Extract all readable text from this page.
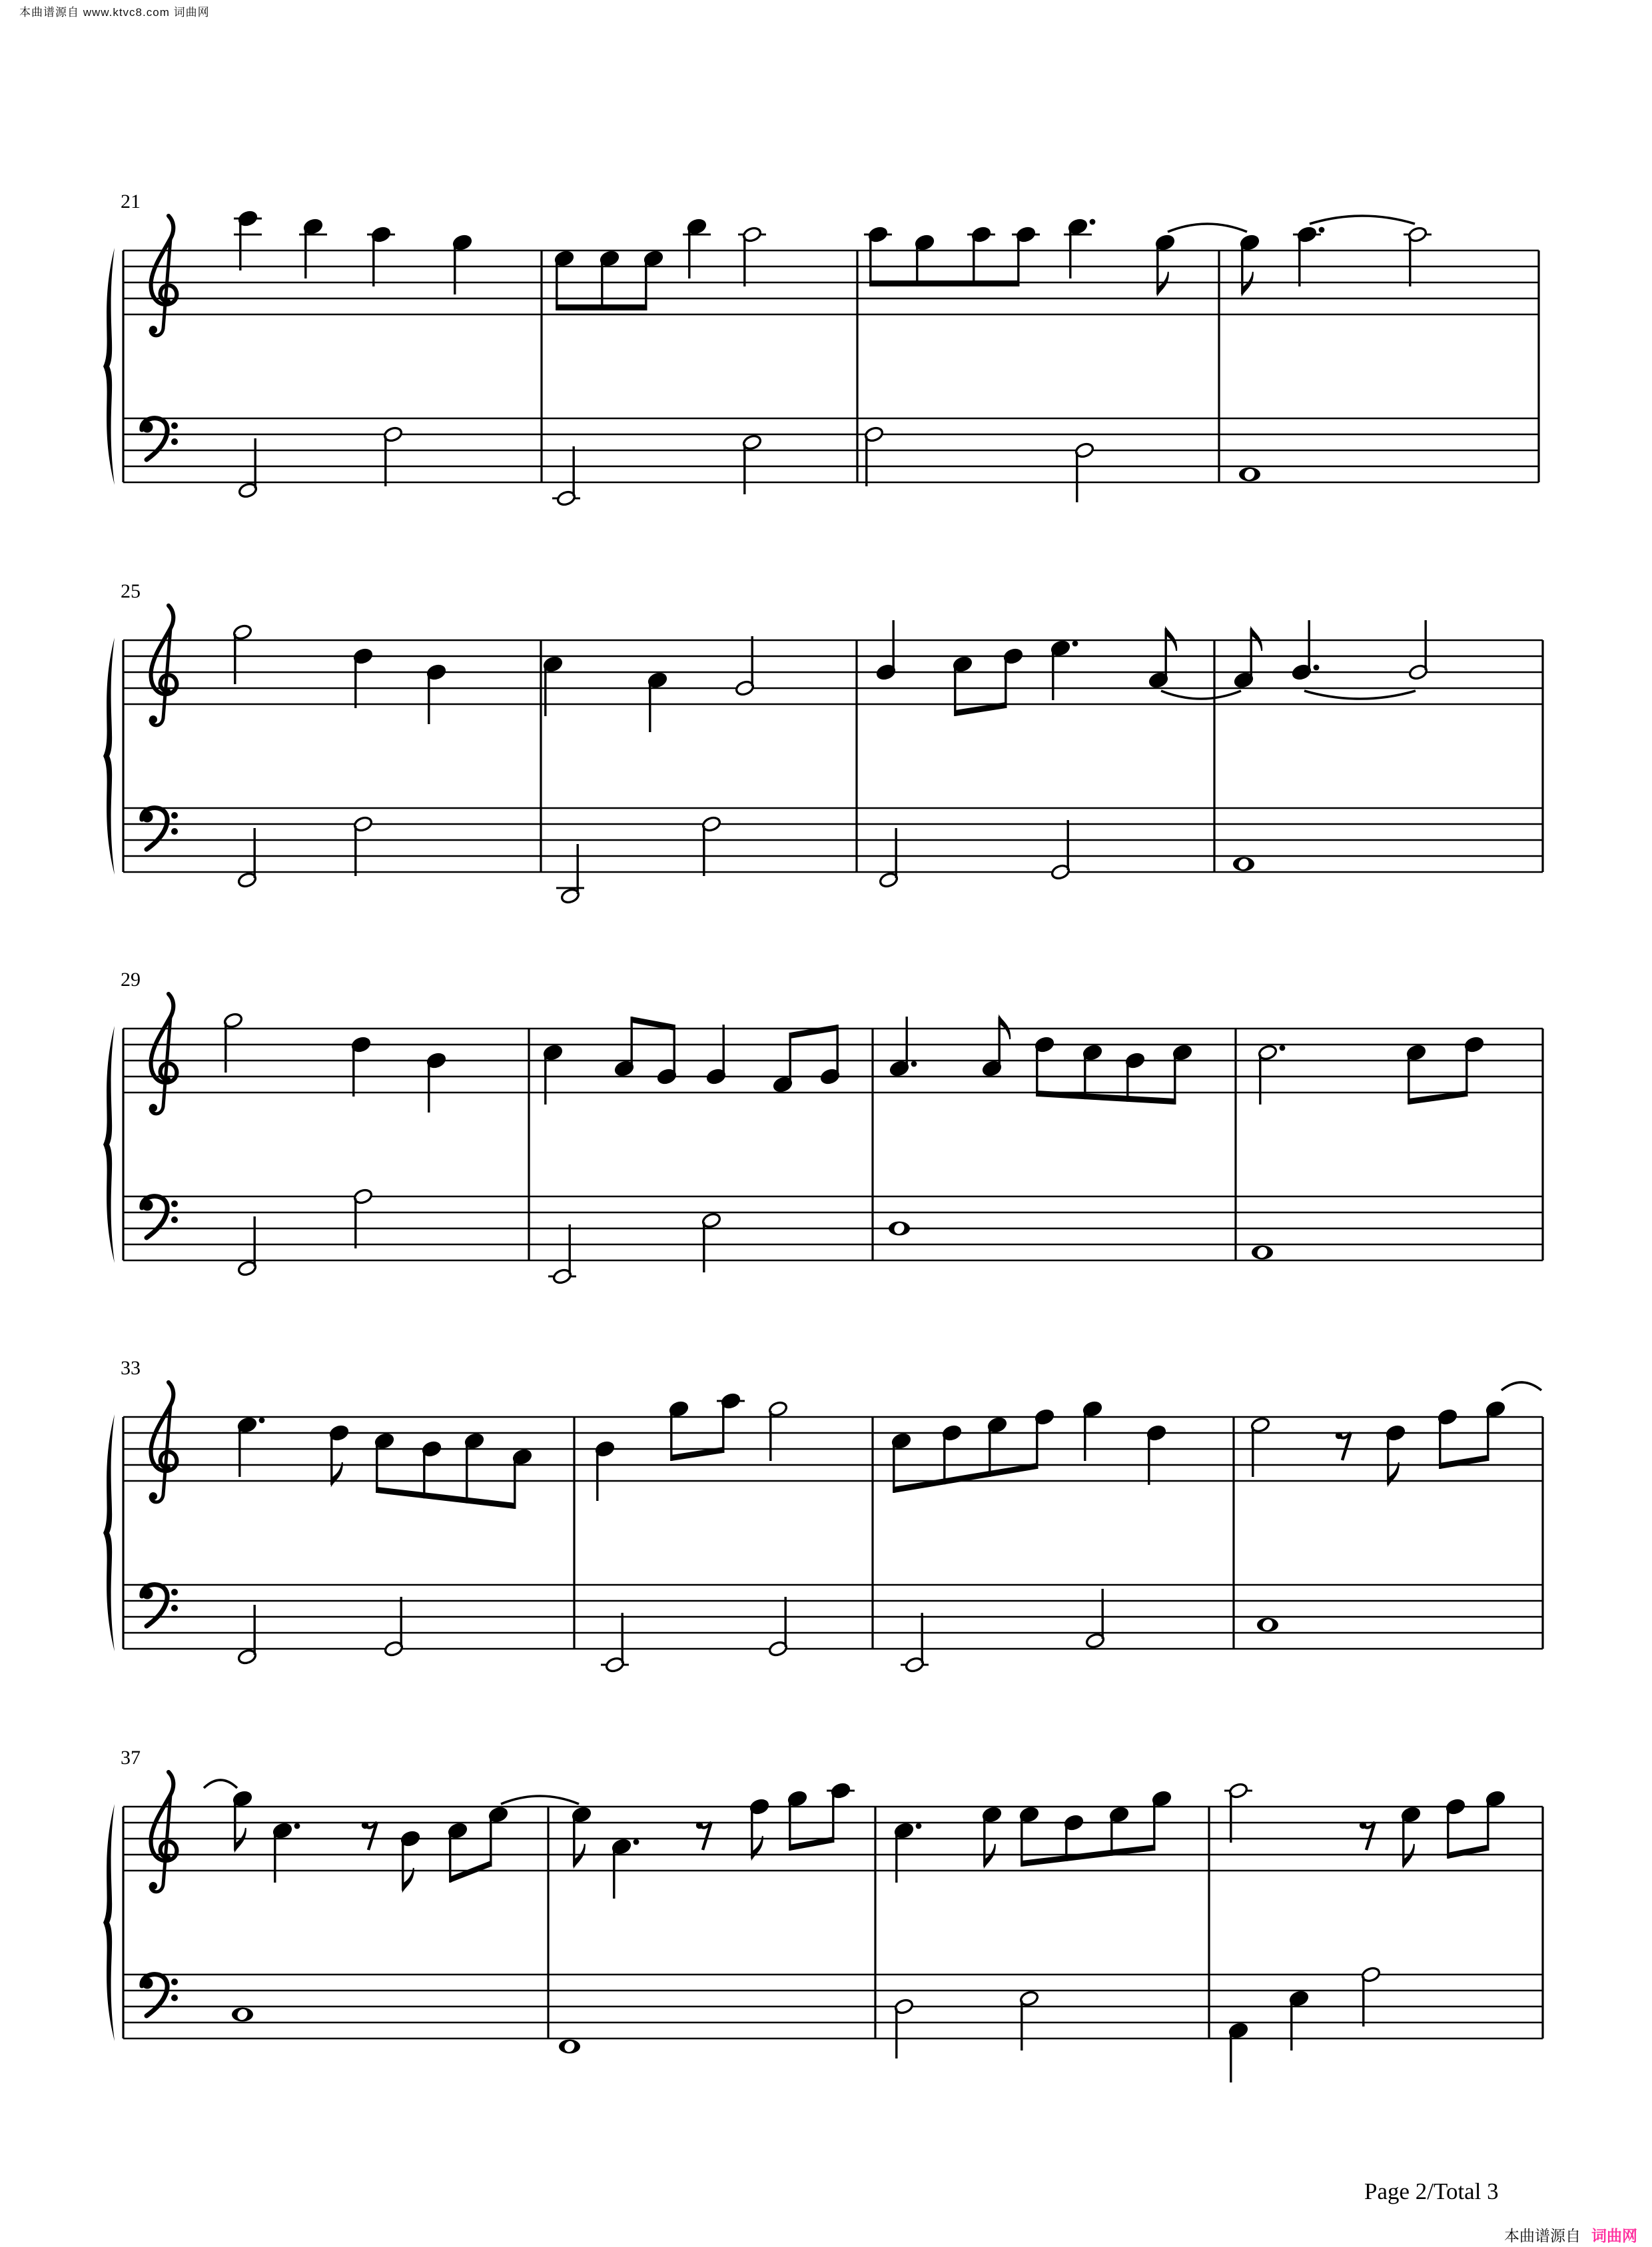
本曲谱源自 www.ktvc8.com 词曲网
21
25
29
33
37
Page 2/Total 3
本曲谱源自 词曲网
